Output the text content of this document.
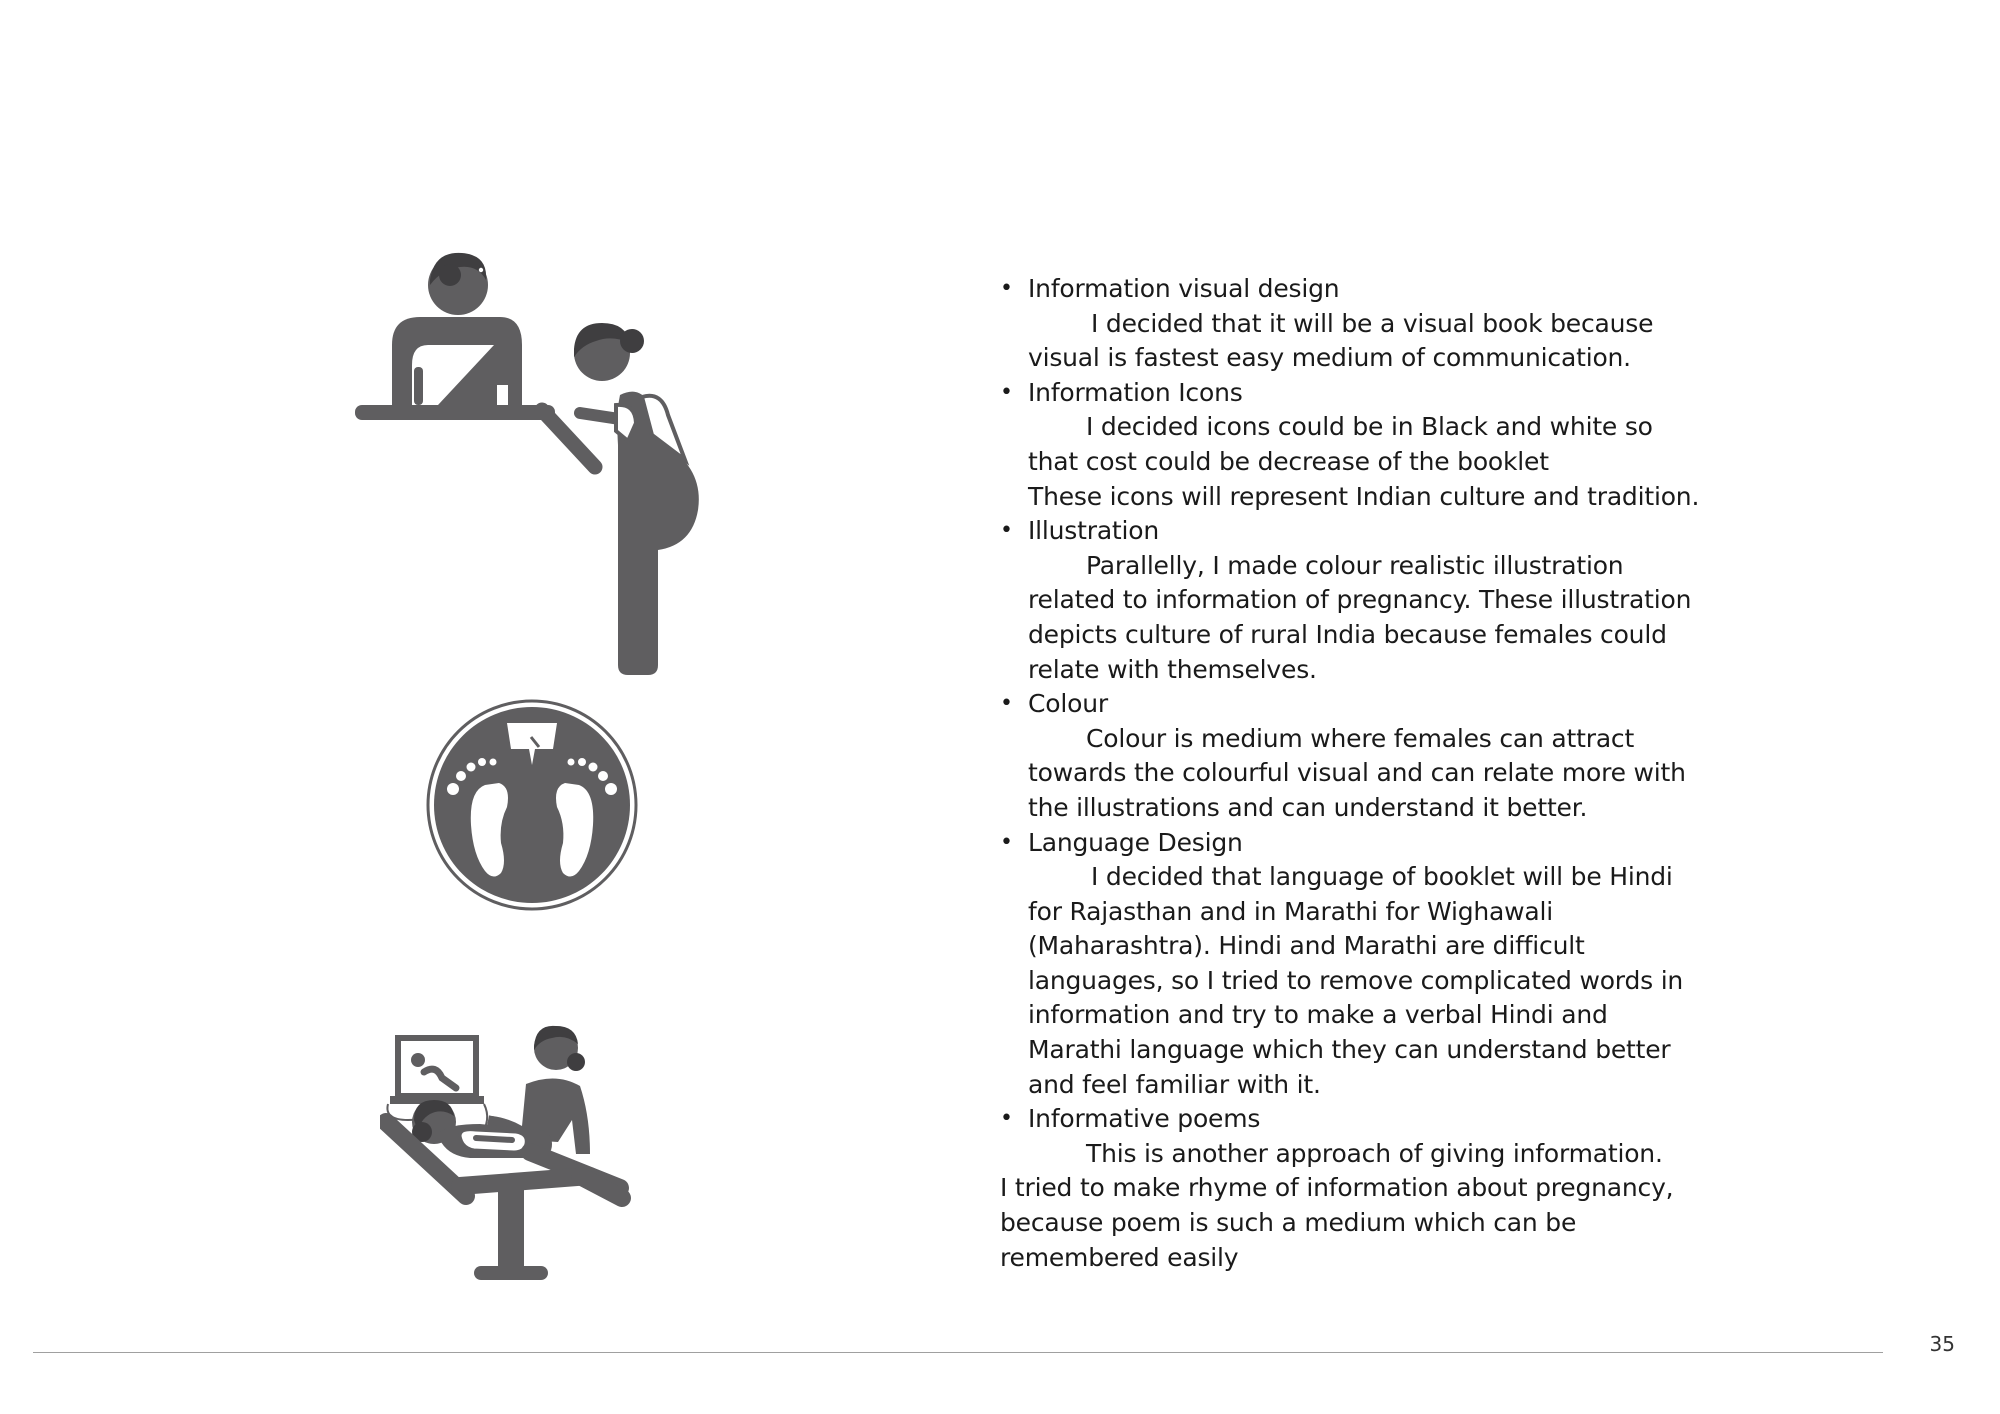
• Information visual design
I decided that it will be a visual book because
visual is fastest easy medium of communication.
• Information Icons
I decided icons could be in Black and white so
that cost could be decrease of the booklet
These icons will represent Indian culture and tradition.
• Illustration
Parallelly, I made colour realistic illustration
related to information of pregnancy. These illustration
depicts culture of rural India because females could
relate with themselves.
• Colour
Colour is medium where females can attract
towards the colourful visual and can relate more with
the illustrations and can understand it better.
• Language Design
I decided that language of booklet will be Hindi
for Rajasthan and in Marathi for Wighawali
(Maharashtra). Hindi and Marathi are difficult
languages, so I tried to remove complicated words in
information and try to make a verbal Hindi and
Marathi language which they can understand better
and feel familiar with it.
• Informative poems
This is another approach of giving information.
I tried to make rhyme of information about pregnancy,
because poem is such a medium which can be
remembered easily
35
